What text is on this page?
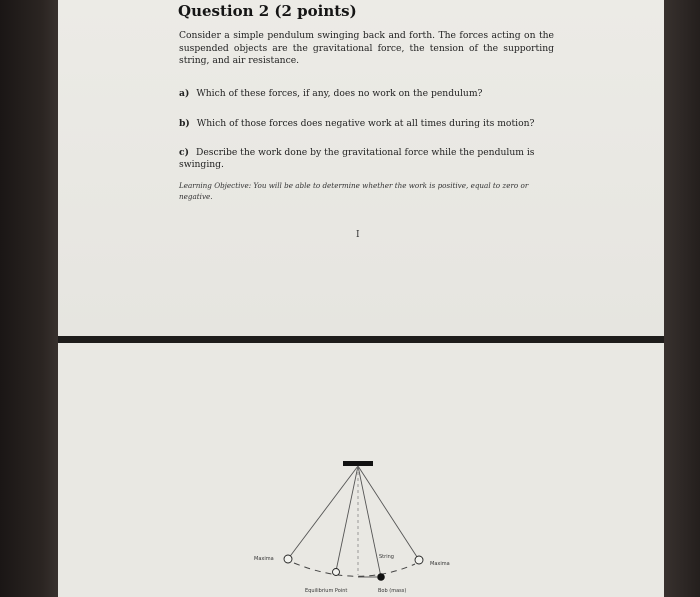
Question 2 (2 points)
Consider a simple pendulum swinging back and forth. The forces acting on the suspended objects are the gravitational force, the tension of the supporting string, and air resistance.
a) Which of these forces, if any, does no work on the pendulum?
b) Which of those forces does negative work at all times during its motion?
c) Describe the work done by the gravitational force while the pendulum is swinging.
Learning Objective: You will be able to determine whether the work is positive, equal to zero or negative.
I
Maxima
Maxima
String
Equilibrium Point	Bob (mass)
